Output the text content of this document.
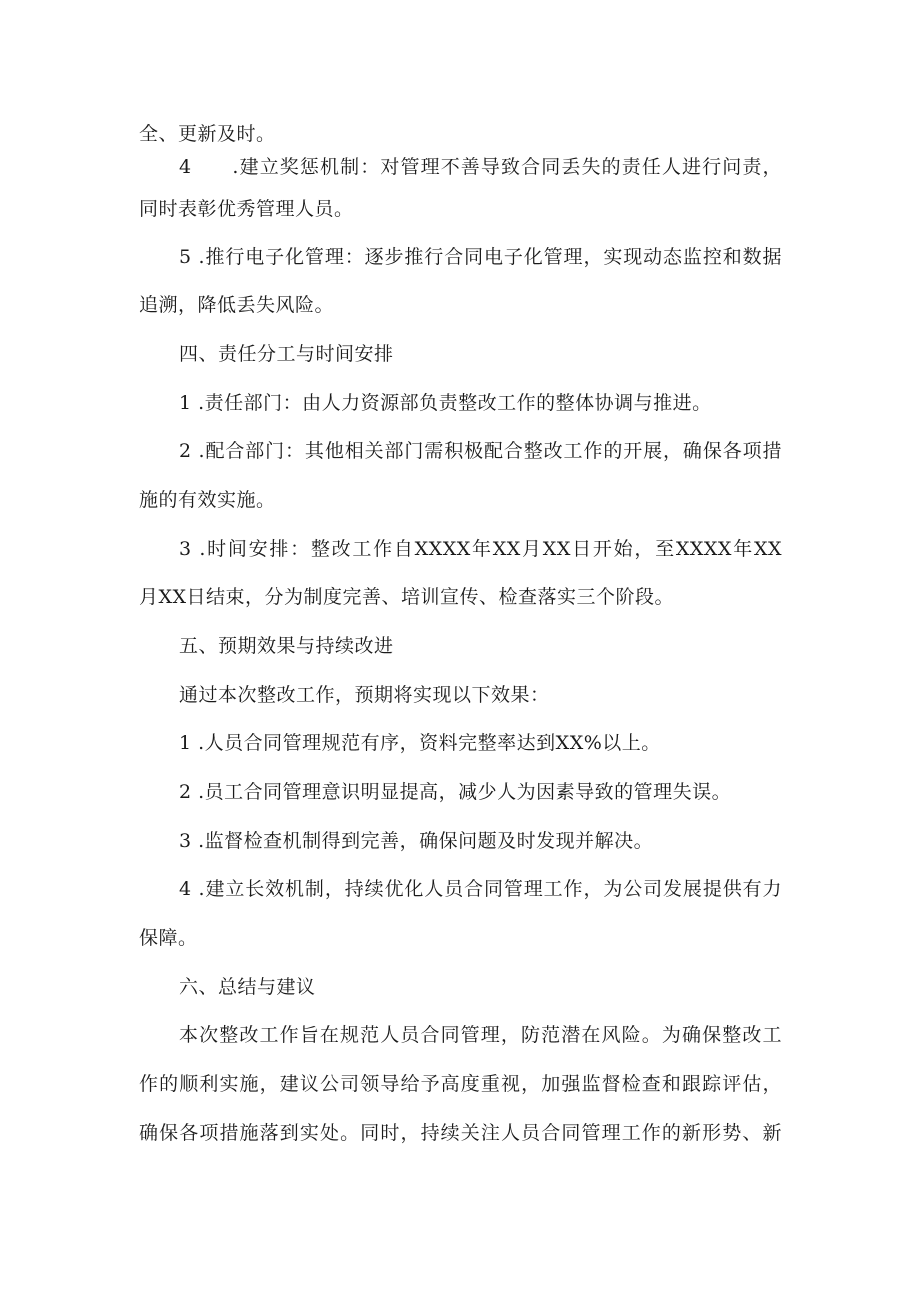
全、更新及时。
4　　.建立奖惩机制：对管理不善导致合同丢失的责任人进行问责，
同时表彰优秀管理人员。
5 .推行电子化管理：逐步推行合同电子化管理，实现动态监控和数据
追溯，降低丢失风险。
四、责任分工与时间安排
1 .责任部门：由人力资源部负责整改工作的整体协调与推进。
2 .配合部门：其他相关部门需积极配合整改工作的开展，确保各项措
施的有效实施。
3 .时间安排：整改工作自XXXX年XX月XX日开始，至XXXX年XX
月XX日结束，分为制度完善、培训宣传、检查落实三个阶段。
五、预期效果与持续改进
通过本次整改工作，预期将实现以下效果：
1 .人员合同管理规范有序，资料完整率达到XX%以上。
2 .员工合同管理意识明显提高，减少人为因素导致的管理失误。
3 .监督检查机制得到完善，确保问题及时发现并解决。
4 .建立长效机制，持续优化人员合同管理工作，为公司发展提供有力
保障。
六、总结与建议
本次整改工作旨在规范人员合同管理，防范潜在风险。为确保整改工
作的顺利实施，建议公司领导给予高度重视，加强监督检查和跟踪评估，
确保各项措施落到实处。同时，持续关注人员合同管理工作的新形势、新
